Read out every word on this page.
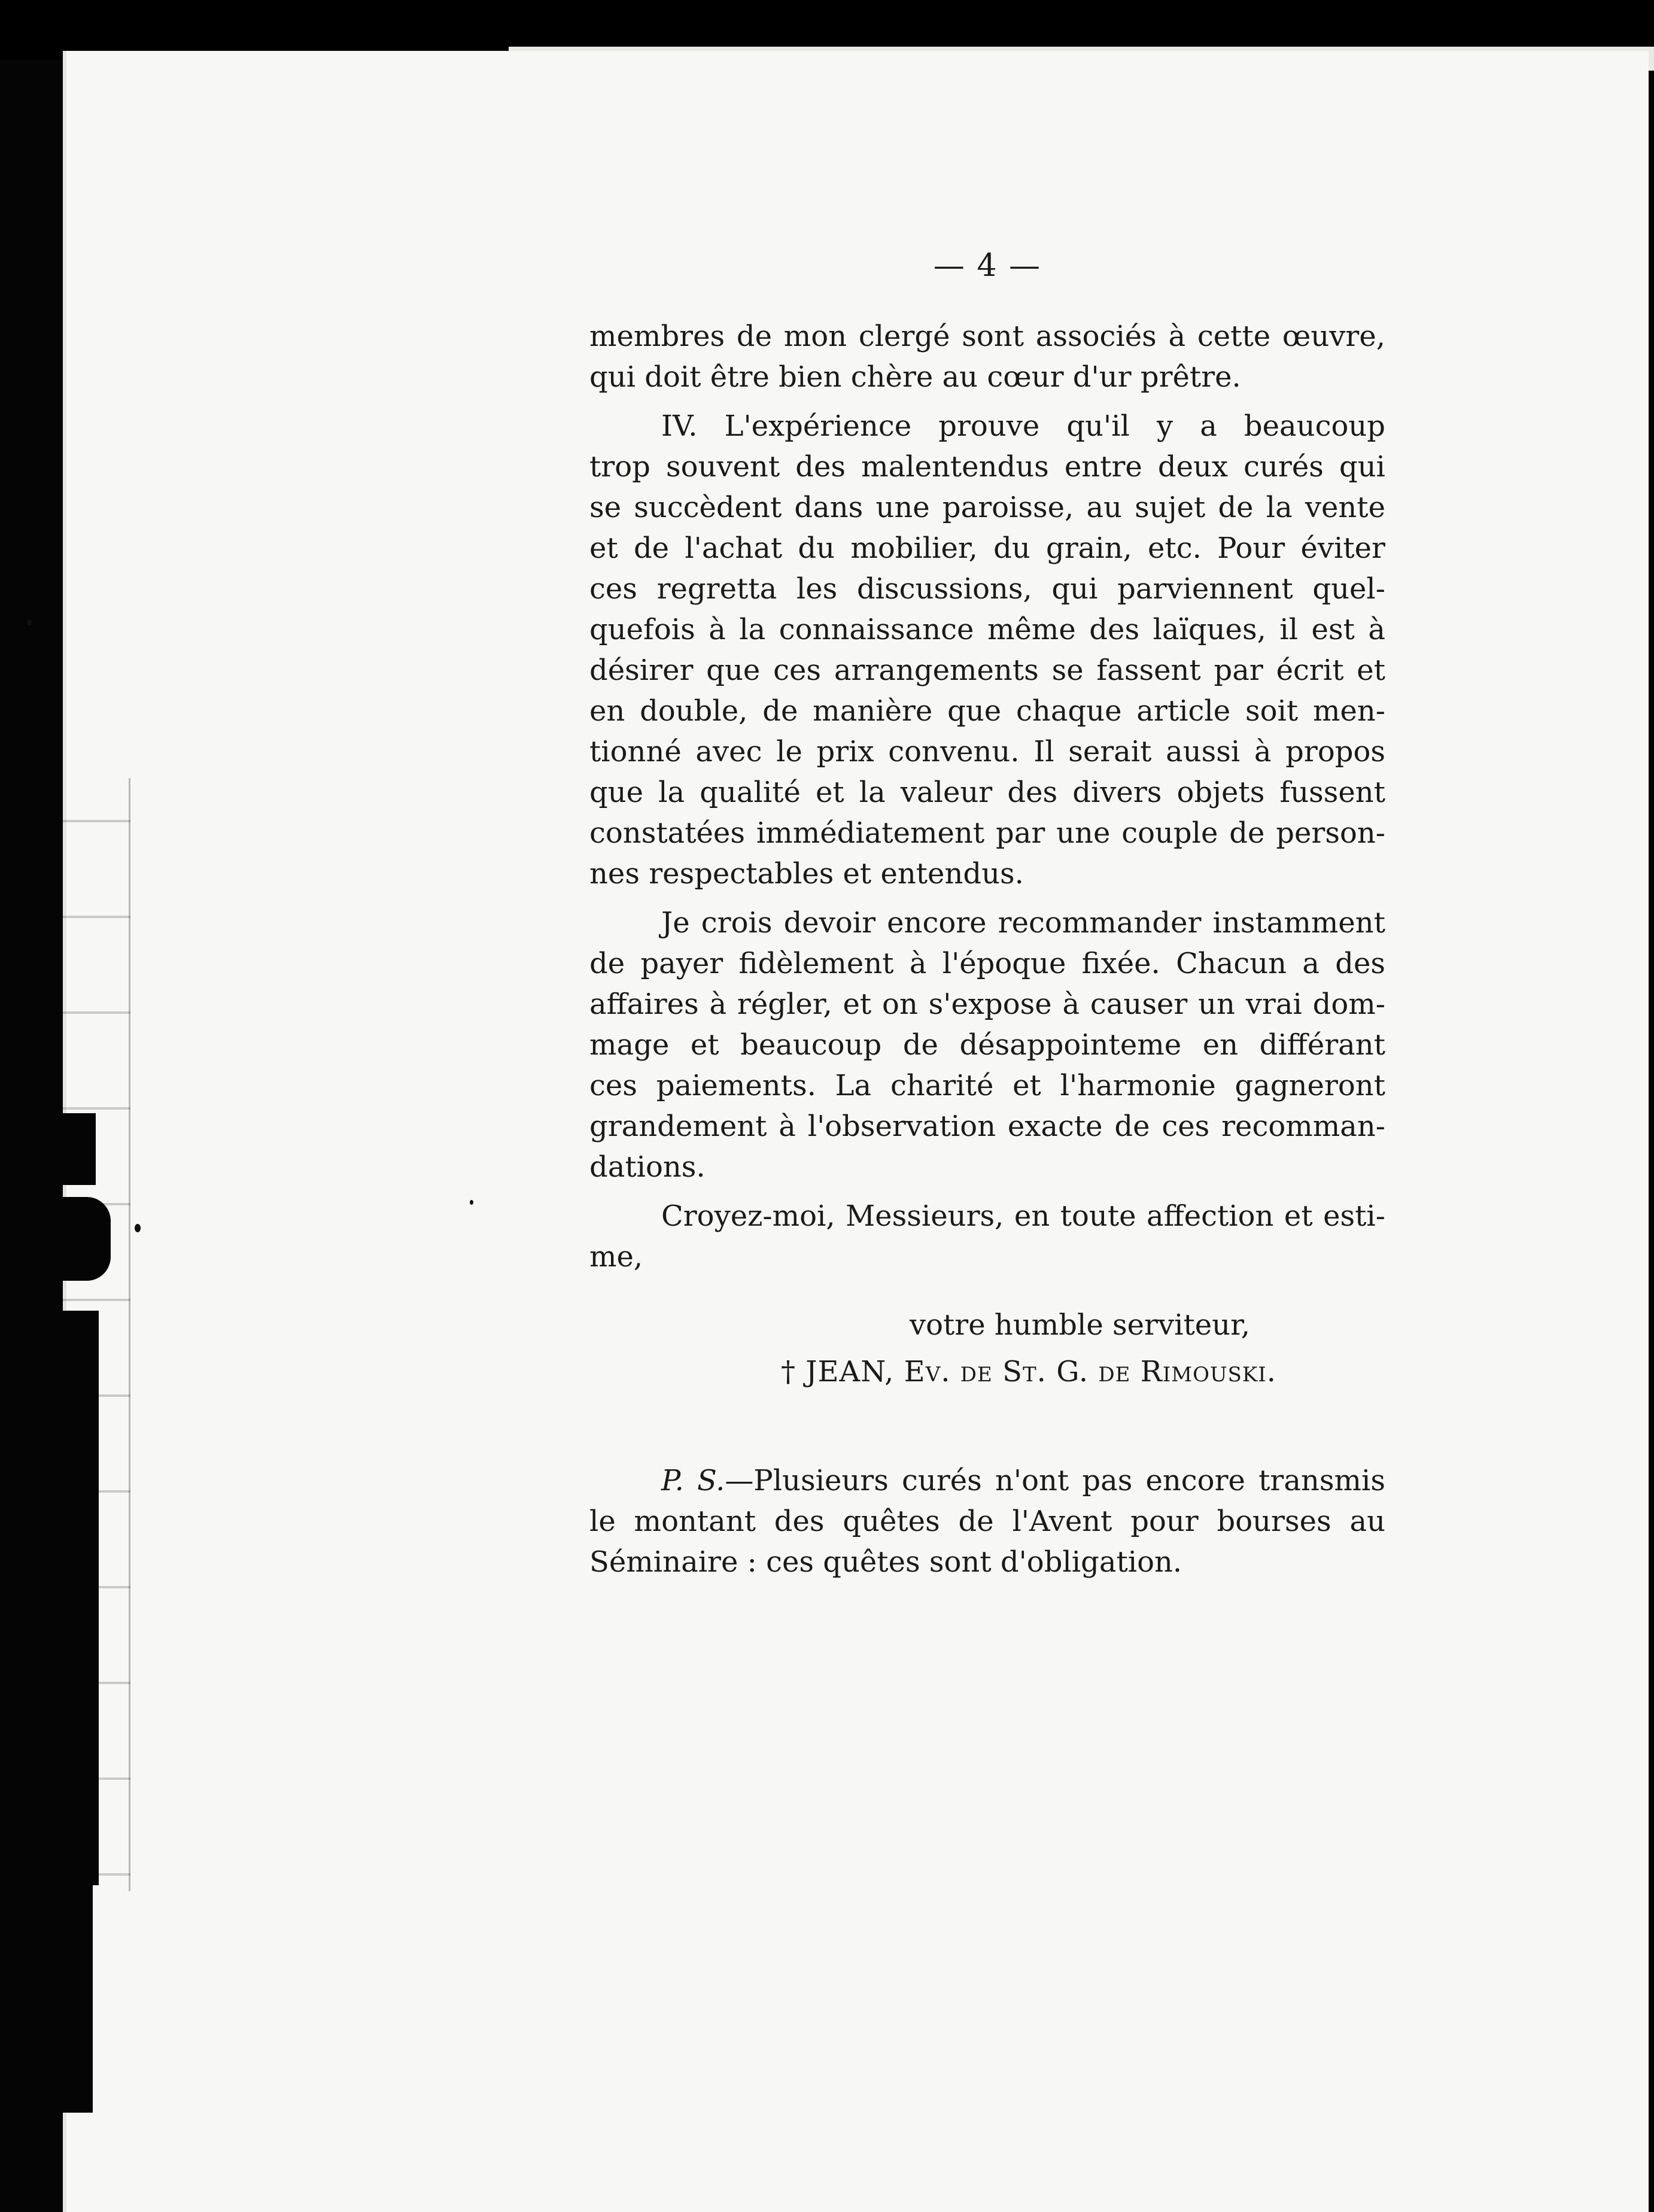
— 4 —
membres de mon clergé sont associés à cette œuvre,
qui doit être bien chère au cœur d'ur prêtre.
IV. L'expérience prouve qu'il y a beaucoup
trop souvent des malentendus entre deux curés qui
se succèdent dans une paroisse, au sujet de la vente
et de l'achat du mobilier, du grain, etc. Pour éviter
ces regretta les discussions, qui parviennent quel-
quefois à la connaissance même des laïques, il est à
désirer que ces arrangements se fassent par écrit et
en double, de manière que chaque article soit men-
tionné avec le prix convenu. Il serait aussi à propos
que la qualité et la valeur des divers objets fussent
constatées immédiatement par une couple de person-
nes respectables et entendus.
Je crois devoir encore recommander instamment
de payer fidèlement à l'époque fixée. Chacun a des
affaires à régler, et on s'expose à causer un vrai dom-
mage et beaucoup de désappointeme en différant
ces paiements. La charité et l'harmonie gagneront
grandement à l'observation exacte de ces recomman-
dations.
Croyez-moi, Messieurs, en toute affection et esti-
me,
votre humble serviteur,
† JEAN, Ev. de St. G. de Rimouski.
P. S.—Plusieurs curés n'ont pas encore transmis
le montant des quêtes de l'Avent pour bourses au
Séminaire : ces quêtes sont d'obligation.
